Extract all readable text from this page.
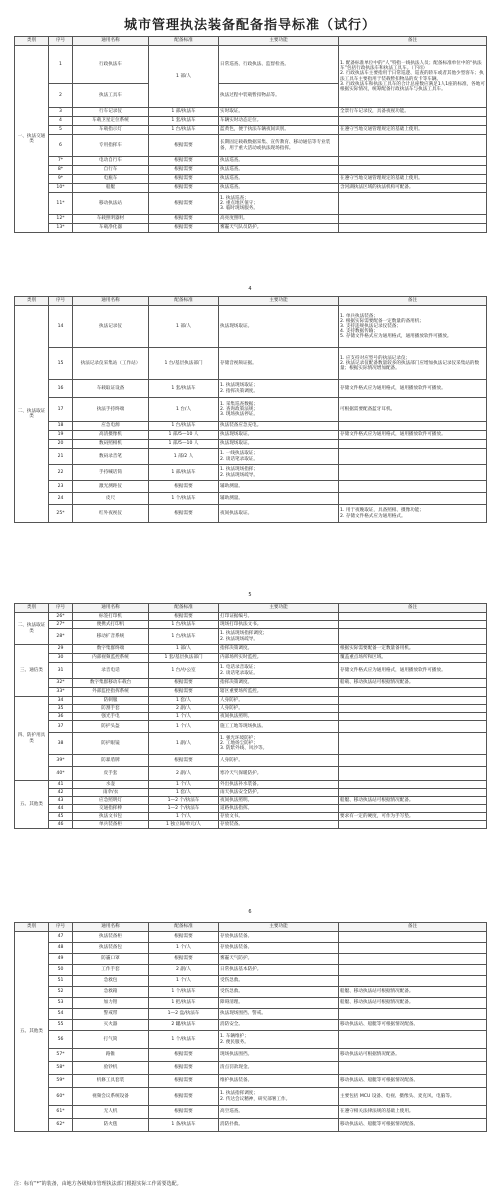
城市管理执法装备配备指导标准（试行）
类别	序号	通用名称	配备标准	主要功能	备注
一、执法交通类	1	行政执法车	1 部/人	日常巡查、行政执法、监督检查。	1. 配备标准单位中的“人”特指一线执法人员；配备标准单位中的“执法车”包括行政执法车和执法工具车。（下同）
2. 行政执法车主要指用于日常巡逻、巡查的轿车或者其他少型客车；执法工具车主要指用于装载暂扣物品的皮卡等车辆。
3. 行政执法车和执法工具车的合计总座数应满足1人1座的标准，各地可根据实际情况，统筹配备行政执法车与执法工具车。
	2	执法工具车		执法过程中装载暂扣物品等。	
	3	行车记录仪	1 部/执法车	实时取证。	全景行车记录仪，具备夜视功能。
	4	车载卫星定位系统	1 套/执法车	车辆实时动态定位。	
	5	车载指示灯	1 台/执法车	蓝黄色，便于执法车辆夜间识别。	在遵守当地交通管理规定的基础上使用。
	6	专用指挥车	根据需要	长期固定载载数据采集、宣传教育、移动通信等专业装备，用于重大活动或执法现场指挥。	
	7*	电动自行车	根据需要	执法巡查。	
	8*	自行车	根据需要	执法巡查。	
	9*	电瓶车	根据需要	执法巡查。	在遵守当地交通管理规定的基础上使用。
	10*	船艇	根据需要	执法巡查。	含河湖执法区域的执法机构可配备。
	11*	移动执法站	根据需要	1. 执法巡查；
2. 重点地区值守；
3. 临时现场服务。	
	12*	车载照明器材	根据需要	高亮度照明。	
	13*	车载净化器	根据需要	雾霾天气队员防护。	
4
类别	序号	通用名称	配备标准	主要功能	备注
二、执法取证类	14	执法记录仪	1 部/人	执法现场取证。	1. 单兵执法装备；
2. 根据实际需要配备一定数量的备用机；
3. 支持违规执法记录仪装备；
4. 支持数据传输；
5. 存储文件格式应为通用格式，通用播放软件可播放。
	15	执法记录仪采集站（工作站）	1 台/基层执法部门	存储音视频证据。	1. 应支持对应型号的执法记录仪；
2. 执法记录仪配备数量较多的执法部门应增加执法记录仪采集站的数量；根据实际情况增加配备。
	16	车载取证设备	1 套/执法车	1. 执法现场取证；
2. 指挥决策调度。	存储文件格式应为通用格式，通用播放软件可播放。
	17	执法手持终端	1 台/人	1. 采集巡查数据；
2. 查询政策法规；
3. 现场执法停证。	可根据需要配备蓝牙耳机。
	18	应急电源	1 台/执法车	执法装备应急充电。	
	19	高清摄像机	1 部/5—10 人	执法现场取证。	存储文件格式应为通用格式，通用播放软件可播放。
	20	数码照相机	1 部/5—10 人	执法现场取证。	
	21	数码录音笔	1 部/2 人	1. 一线执法取证；
2. 谈话笔录取证。	
	22	手持喊话筒	1 部/执法车	1. 执法现场指挥；
2. 执法现场疏导。	
	23	激光测距仪	根据需要	辅助测量。	
	24	皮尺	1 个/执法车	辅助测量。	
	25*	红外夜视仪	根据需要	夜间执法取证。	1. 用于夜晚取证，具备照相、摄像功能；
2. 存储文件格式应为通用格式。
5
类别	序号	通用名称	配备标准	主要功能	备注
二、执法取证类	26*	标签打印机	根据需要	打印证据编号。	
	27*	便携式打印机	1 台/执法车	现场打印执法文书。	
	28*	移动扩音系统	1 台/执法车	1. 执法现场指挥调度；
2. 执法现场疏导。	
三、通信类	29	数字集群终端	1 部/人	指挥决策调度。	根据实际需要配备一定数量备用机。
	30	内部视频监控系统	1 套/基层执法部门	内部场所实时监控。	覆盖重点场所和区域。
	31	录音电话	1 台/办公室	1. 电话录音取证；
2. 谈话笔录取证。	存储文件格式应为通用格式，通用播放软件可播放。
	32*	数字集群移动车载台	根据需要	指挥决策调度。	船载、移动执法站可根据情况配备。
	33*	外部监控指挥系统	根据需要	辖区重要场所监控。	
四、防护用具类	34	防刺服	1 套/人	人身防护。	
	35	防割手套	2 副/人	人身防护。	
	36	强光手电	1 个/人	夜间执法照明。	
	37	防护头盔	1 个/人	施工工地等现场执法。	
	38	防护眼镜	1 副/人	1. 强光环境防护；
2. 工地扬尘防护；
3. 防紫外线、风沙等。	
	39*	防暴盾牌	根据需要	人身防护。	
	40*	皮手套	2 副/人	寒冷天气保暖防护。	
五、其他类	41	水壶	1 个/人	外出执法补水装备。	
	42	雨伞/衣	1 套/人	雨天执法安全防护。	
	43	应急照明灯	1—2 个/执法车	夜间执法照明。	船艇、移动执法站可根据情况配备。
	44	交通指挥棒	1—2 个/执法车	道路执法指挥。	
	45	执法文书包	1 个/人	存放文书。	要求有一定的硬度，可作为手写垫。
	46	单兵装备柜	1 独立间/单元/人	存放装备。	
6
类别	序号	通用名称	配备标准	主要功能	备注
五、其他类	47	执法装备柜	根据需要	存放执法装备。	
	48	执法装备包	1 个/人	存放执法装备。	
	49	防霾口罩	根据需要	雾霾天气防护。	
	50	工作手套	2 副/人	日常执法基本防护。	
	51	急救包	1 个/人	受伤急救。	
	52	急救箱	1 个/执法车	受伤急救。	船艇、移动执法站可根据情况配备。
	53	加力钳	1 把/执法车	障碍清理。	船艇、移动执法站可根据情况配备。
	54	警戒带	1—2 盘/执法车	执法现场围挡、警戒。	
	55	灭火器	2 罐/执法车	消防安全。	移动执法站、船艇等可根据情况配备。
	56	打气筒	1 个/执法车	1. 车辆维护；
2. 便民服务。	
	57*	路锥	根据需要	现场执法围挡。	移动执法站可根据情况配备。
	58*	验钞机	根据需要	清点罚款现金。	
	59*	机修工具套装	根据需要	维护执法装备。	移动执法站、船艇等可根据情况配备。
	60*	视频会议系统设备	根据需要	1. 执法指挥调度；
2. 传达会议精神，研究部署工作。	主要包括 MCU 设备、电视、摄像头、麦克风、电脑等。
	61*	无人机	根据需要	高空巡查。	在遵守相关法律法规的基础上使用。
	62*	防火毯	1 条/执法车	消防扑救。	移动执法站、船艇等可根据情况配备。
注：标有“*”的装备，由地方各级城市管理执法部门根据实际工作需要选配。
